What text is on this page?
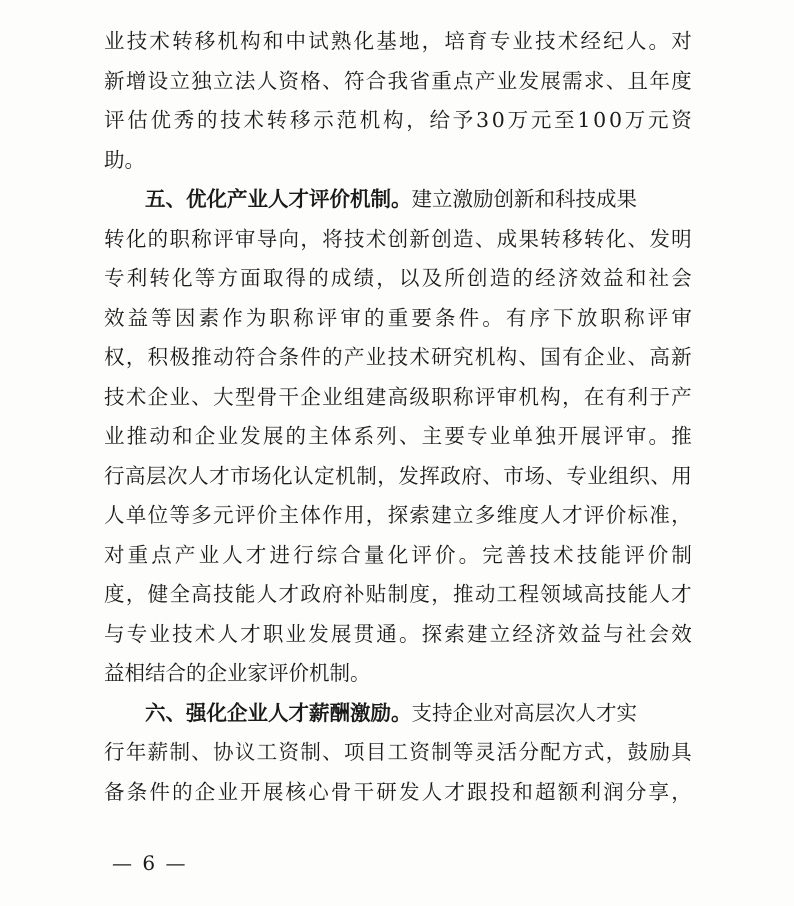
业 技 术 转 移 机 构 和 中 试 熟 化 基 地 ， 培 育 专 业 技 术 经 纪 人 。 对
新 增 设 立 独 立 法 人 资 格 、 符 合 我 省 重 点 产 业 发 展 需 求 、 且 年 度
评 估 优 秀 的 技 术 转 移 示 范 机 构 ， 给 予 3 0 万 元 至 1 0 0 万 元 资
助。
五、优化产业人才评价机制。 建立激励创新和科技成果
转 化 的 职 称 评 审 导 向 ， 将 技 术 创 新 创 造 、 成 果 转 移 转 化 、 发 明
专 利 转 化 等 方 面 取 得 的 成 绩 ， 以 及 所 创 造 的 经 济 效 益 和 社 会
效 益 等 因 素 作 为 职 称 评 审 的 重 要 条 件 。 有 序 下 放 职 称 评 审
权 ， 积 极 推 动 符 合 条 件 的 产 业 技 术 研 究 机 构 、 国 有 企 业 、 高 新
技 术 企 业 、 大 型 骨 干 企 业 组 建 高 级 职 称 评 审 机 构 ， 在 有 利 于 产
业 推 动 和 企 业 发 展 的 主 体 系 列 、 主 要 专 业 单 独 开 展 评 审 。 推
行 高 层 次 人 才 市 场 化 认 定 机 制 ， 发 挥 政 府 、 市 场 、 专 业 组 织 、 用
人 单 位 等 多 元 评 价 主 体 作 用 ， 探 索 建 立 多 维 度 人 才 评 价 标 准 ，
对 重 点 产 业 人 才 进 行 综 合 量 化 评 价 。 完 善 技 术 技 能 评 价 制
度 ， 健 全 高 技 能 人 才 政 府 补 贴 制 度 ， 推 动 工 程 领 域 高 技 能 人 才
与 专 业 技 术 人 才 职 业 发 展 贯 通 。 探 索 建 立 经 济 效 益 与 社 会 效
益相结合的企业家评价机制。
六、强化企业人才薪酬激励。 支持企业对高层次人才实
行 年 薪 制 、 协 议 工 资 制 、 项 目 工 资 制 等 灵 活 分 配 方 式 ， 鼓 励 具
备 条 件 的 企 业 开 展 核 心 骨 干 研 发 人 才 跟 投 和 超 额 利 润 分 享 ，
— 6 —
